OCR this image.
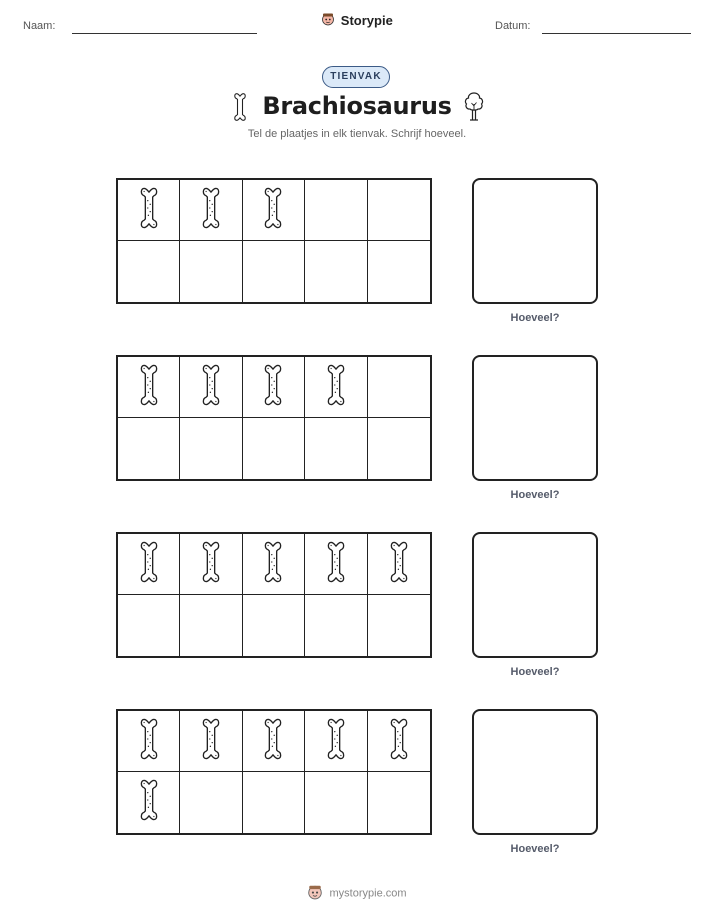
Naam:	Storypie	Datum:
TIENVAK
Brachiosaurus
Tel de plaatjes in elk tienvak. Schrijf hoeveel.
Hoeveel?
Hoeveel?
Hoeveel?
Hoeveel?
mystorypie.com
